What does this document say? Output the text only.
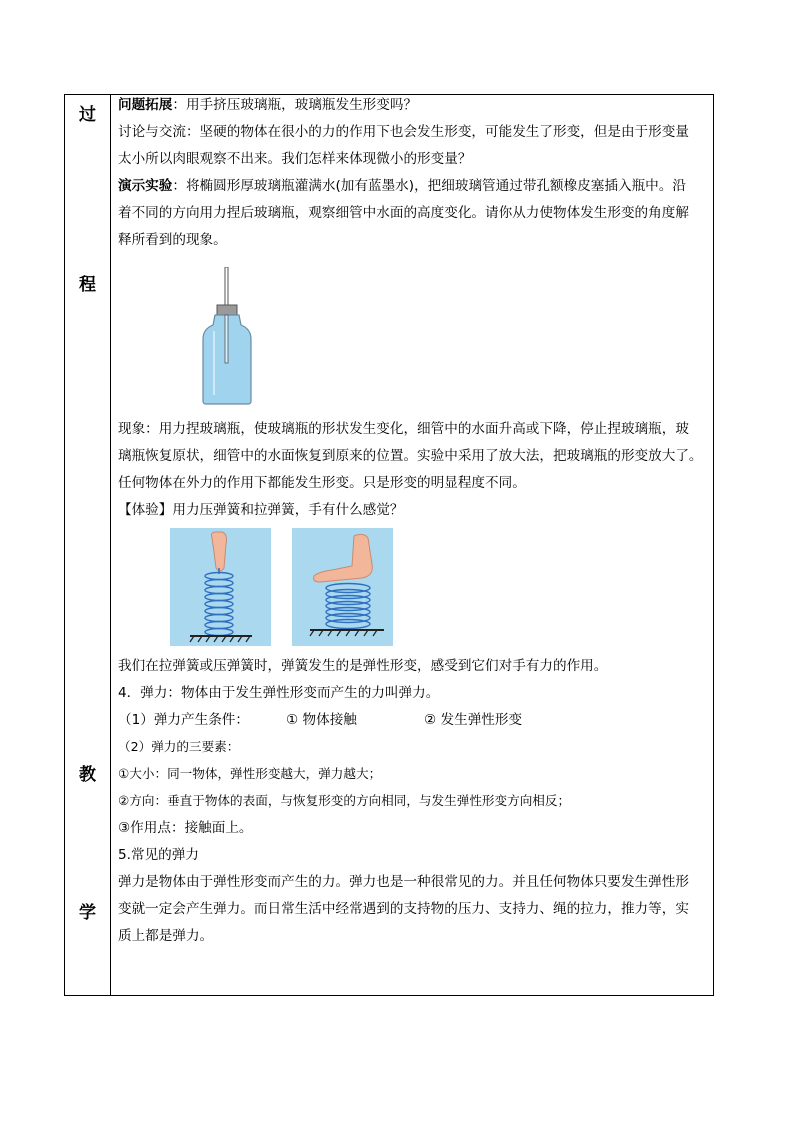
过
程
教
学
问题拓展：用手挤压玻璃瓶，玻璃瓶发生形变吗？
讨论与交流：坚硬的物体在很小的力的作用下也会发生形变，可能发生了形变，但是由于形变量
太小所以肉眼观察不出来。我们怎样来体现微小的形变量？
演示实验：将椭圆形厚玻璃瓶灌满水(加有蓝墨水)，把细玻璃管通过带孔额橡皮塞插入瓶中。沿
着不同的方向用力捏后玻璃瓶，观察细管中水面的高度变化。请你从力使物体发生形变的角度解
释所看到的现象。
现象：用力捏玻璃瓶，使玻璃瓶的形状发生变化，细管中的水面升高或下降，停止捏玻璃瓶，玻
璃瓶恢复原状，细管中的水面恢复到原来的位置。实验中采用了放大法，把玻璃瓶的形变放大了。
任何物体在外力的作用下都能发生形变。只是形变的明显程度不同。
【体验】用力压弹簧和拉弹簧，手有什么感觉？
我们在拉弹簧或压弹簧时，弹簧发生的是弹性形变，感受到它们对手有力的作用。
4．弹力：物体由于发生弹性形变而产生的力叫弹力。
（1）弹力产生条件：	① 物体接触	② 发生弹性形变
（2）弹力的三要素：
①大小：同一物体，弹性形变越大，弹力越大；
②方向：垂直于物体的表面，与恢复形变的方向相同，与发生弹性形变方向相反；
③作用点：接触面上。
5.常见的弹力
弹力是物体由于弹性形变而产生的力。弹力也是一种很常见的力。并且任何物体只要发生弹性形
变就一定会产生弹力。而日常生活中经常遇到的支持物的压力、支持力、绳的拉力，推力等，实
质上都是弹力。
